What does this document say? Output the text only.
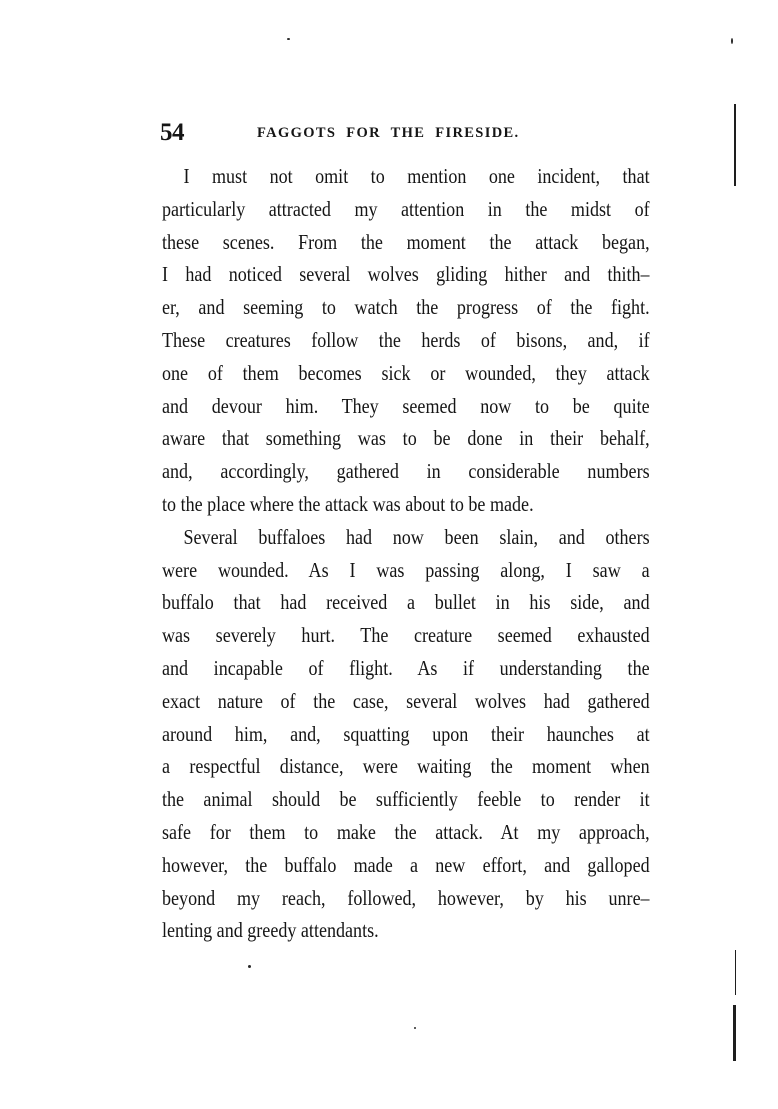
54	FAGGOTS FOR THE FIRESIDE.
I must not omit to mention one incident, that
particularly attracted my attention in the midst of
these scenes. From the moment the attack began,
I had noticed several wolves gliding hither and thith–
er, and seeming to watch the progress of the fight.
These creatures follow the herds of bisons, and, if
one of them becomes sick or wounded, they attack
and devour him. They seemed now to be quite
aware that something was to be done in their behalf,
and, accordingly, gathered in considerable numbers
to the place where the attack was about to be made.
Several buffaloes had now been slain, and others
were wounded. As I was passing along, I saw a
buffalo that had received a bullet in his side, and
was severely hurt. The creature seemed exhausted
and incapable of flight. As if understanding the
exact nature of the case, several wolves had gathered
around him, and, squatting upon their haunches at
a respectful distance, were waiting the moment when
the animal should be sufficiently feeble to render it
safe for them to make the attack. At my approach,
however, the buffalo made a new effort, and galloped
beyond my reach, followed, however, by his unre–
lenting and greedy attendants.
